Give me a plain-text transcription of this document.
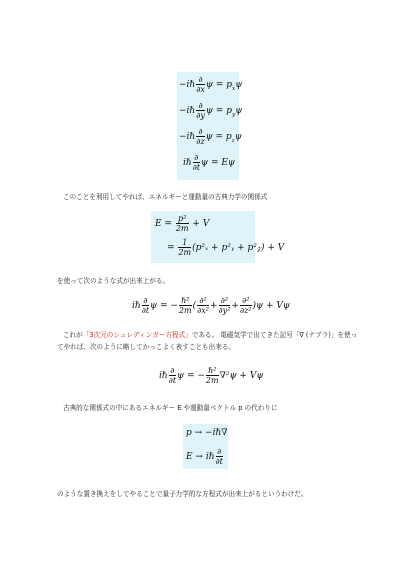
−iℏ $\frac{\partial}{\partial x}$ $\psi = p_x\psi$
−iℏ $\frac{\partial}{\partial y}$ $\psi = p_y\psi$
−iℏ $\frac{\partial}{\partial z}$ $\psi = p_z\psi$
iℏ $\frac{\partial}{\partial t}$ ψ = Eψ
このことを利用してやれば、エネルギーと運動量の古典力学の関係式
$E = \frac{\text{p²}}{2m} + V$
= $\frac{1}{2m} (p^2_x$ + p²ᵧ + p²𝓏) + V
を使って次のような式が出来上がる。
iℏ $\frac{\partial}{\partial t}$ ψ = − $\frac{\text{ℏ²}}{2m}$ ( $\frac{\text{∂²}}{\text{∂x²}} + \frac{\text{∂²}}{\text{∂y²}} + \frac{\text{∂²}}{\text{∂z²}} )\psi + V\psi$
これが「3次元のシュレディンガー方程式」である。 電磁気学で出てきた記号「∇ (ナブラ)」を使っ
てやれば、次のように略してかっこよく表すことも出来る。
iℏ $\frac{\partial}{\partial t}$ ψ = − $\frac{\text{ℏ²}}{2m} \nabla^2\psi + V\psi$
古典的な関係式の中にあるエネルギー E や運動量ベクトル p の代わりに
p → −iℏ∇
E → iℏ $\frac{\partial}{\partial t}$
のような置き換えをしてやることで量子力学的な方程式が出来上がるというわけだ。
